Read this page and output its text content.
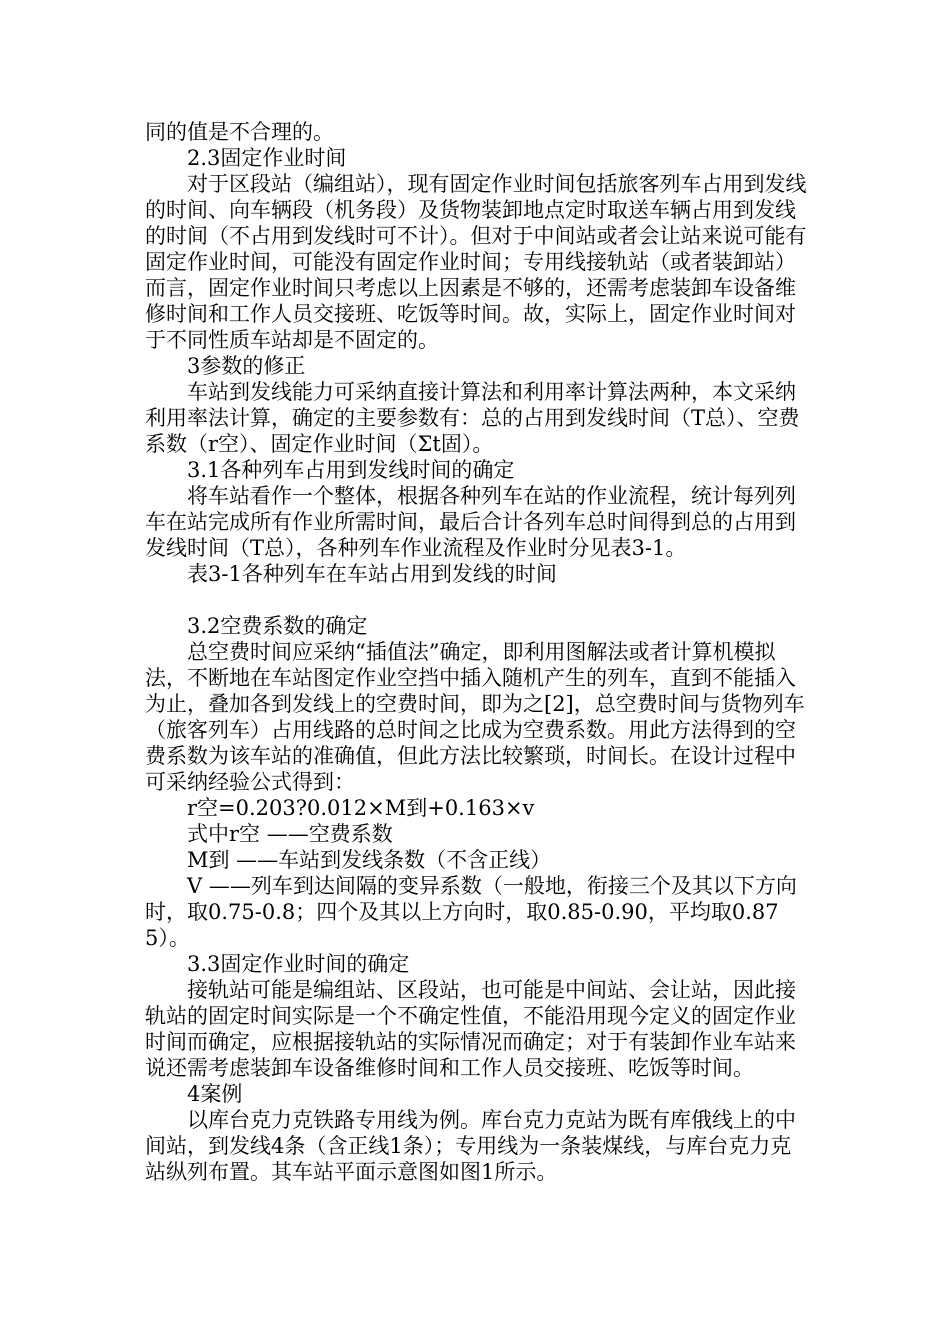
同的值是不合理的。

2.3固定作业时间

对于区段站（编组站），现有固定作业时间包括旅客列车占用到发线的时间、向车辆段（机务段）及货物装卸地点定时取送车辆占用到发线的时间（不占用到发线时可不计）。但对于中间站或者会让站来说可能有固定作业时间，可能没有固定作业时间；专用线接轨站（或者装卸站）而言，固定作业时间只考虑以上因素是不够的，还需考虑装卸车设备维修时间和工作人员交接班、吃饭等时间。故，实际上，固定作业时间对于不同性质车站却是不固定的。

3参数的修正

车站到发线能力可采纳直接计算法和利用率计算法两种，本文采纳利用率法计算，确定的主要参数有：总的占用到发线时间（T总）、空费系数（r空）、固定作业时间（Σt固）。

3.1各种列车占用到发线时间的确定

将车站看作一个整体，根据各种列车在站的作业流程，统计每列列车在站完成所有作业所需时间，最后合计各列车总时间得到总的占用到发线时间（T总），各种列车作业流程及作业时分见表3-1。

表3-1各种列车在车站占用到发线的时间

3.2空费系数的确定

总空费时间应采纳“插值法”确定，即利用图解法或者计算机模拟法，不断地在车站图定作业空挡中插入随机产生的列车，直到不能插入为止，叠加各到发线上的空费时间，即为之[2]，总空费时间与货物列车（旅客列车）占用线路的总时间之比成为空费系数。用此方法得到的空费系数为该车站的准确值，但此方法比较繁琐，时间长。在设计过程中可采纳经验公式得到：

r空=0.203?0.012×M到+0.163×v

式中r空 ——空费系数

M到 ——车站到发线条数（不含正线）

V ——列车到达间隔的变异系数（一般地，衔接三个及其以下方向时，取0.75-0.8；四个及其以上方向时，取0.85-0.90，平均取0.875）。

3.3固定作业时间的确定

接轨站可能是编组站、区段站，也可能是中间站、会让站，因此接轨站的固定时间实际是一个不确定性值，不能沿用现今定义的固定作业时间而确定，应根据接轨站的实际情况而确定；对于有装卸作业车站来说还需考虑装卸车设备维修时间和工作人员交接班、吃饭等时间。

4案例

以库台克力克铁路专用线为例。库台克力克站为既有库俄线上的中间站，到发线4条（含正线1条）；专用线为一条装煤线，与库台克力克站纵列布置。其车站平面示意图如图1所示。
